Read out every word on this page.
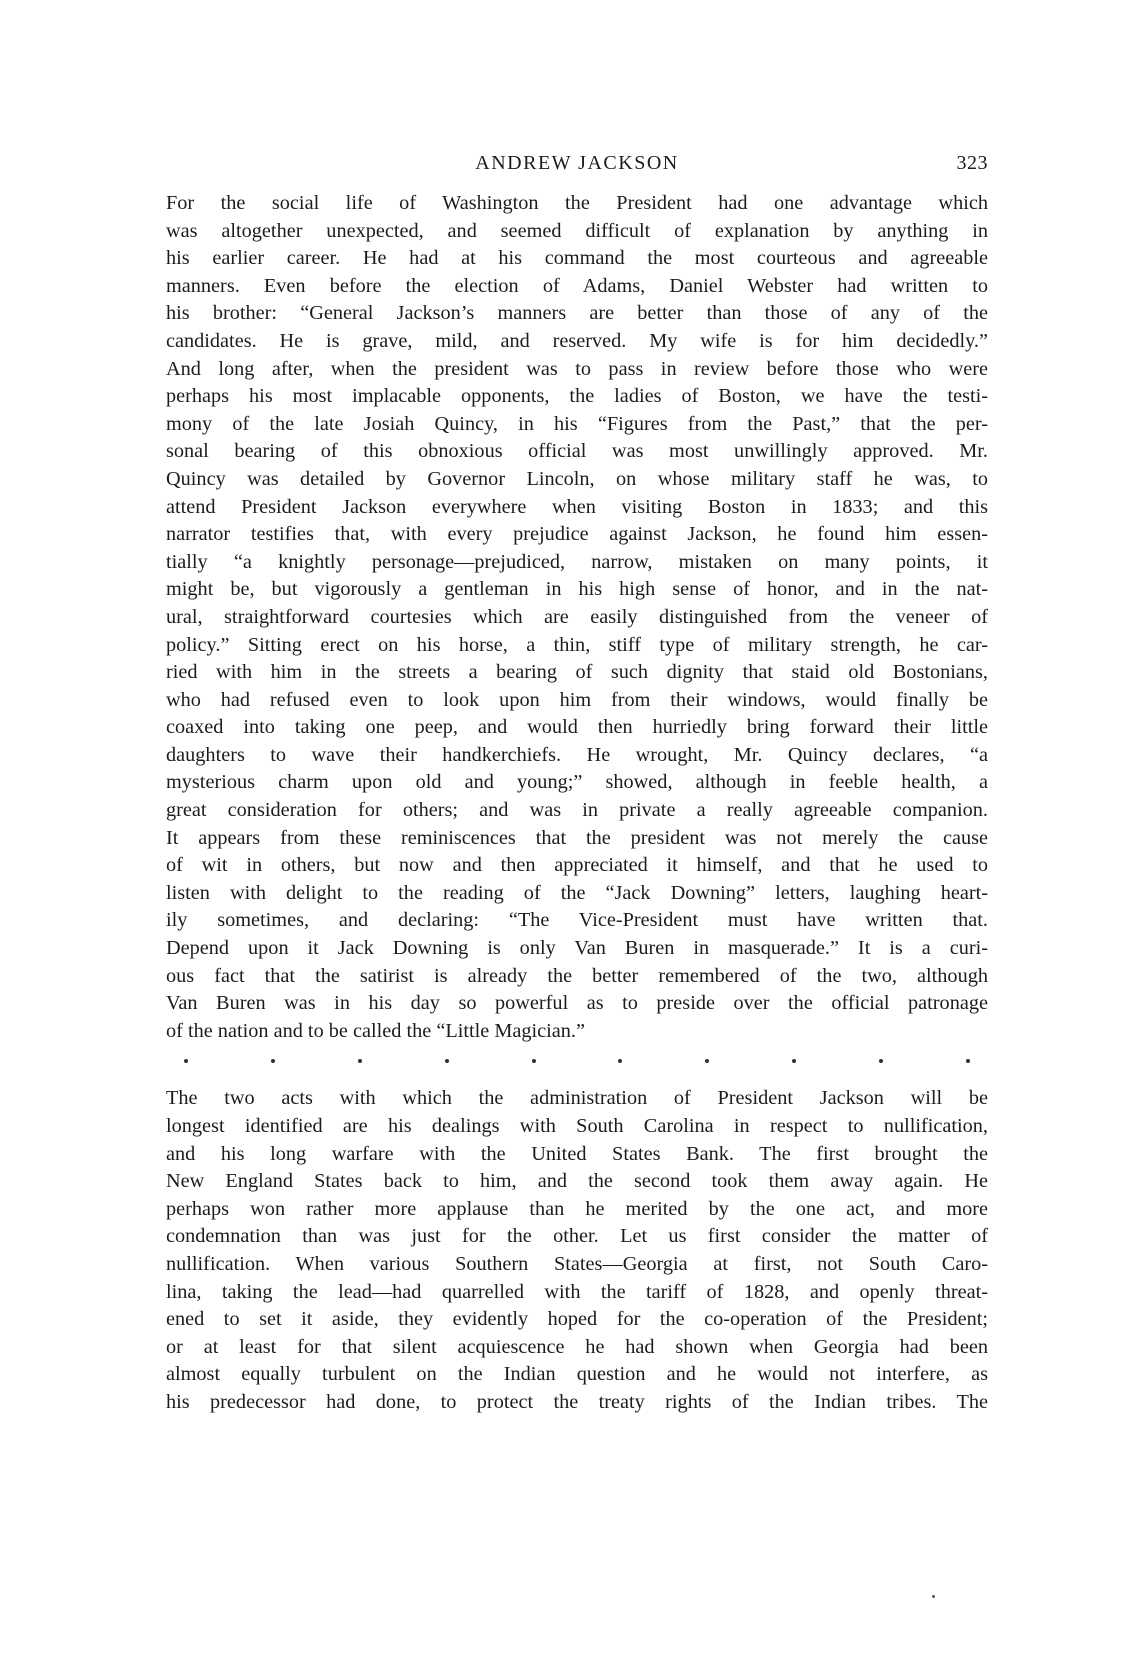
ANDREW JACKSON	323

For the social life of Washington the President had one advantage which
was altogether unexpected, and seemed difficult of explanation by anything in
his earlier career. He had at his command the most courteous and agreeable
manners. Even before the election of Adams, Daniel Webster had written to
his brother: “General Jackson’s manners are better than those of any of the
candidates. He is grave, mild, and reserved. My wife is for him decidedly.”
And long after, when the president was to pass in review before those who were
perhaps his most implacable opponents, the ladies of Boston, we have the testi-
mony of the late Josiah Quincy, in his “Figures from the Past,” that the per-
sonal bearing of this obnoxious official was most unwillingly approved. Mr.
Quincy was detailed by Governor Lincoln, on whose military staff he was, to
attend President Jackson everywhere when visiting Boston in 1833; and this
narrator testifies that, with every prejudice against Jackson, he found him essen-
tially “a knightly personage—prejudiced, narrow, mistaken on many points, it
might be, but vigorously a gentleman in his high sense of honor, and in the nat-
ural, straightforward courtesies which are easily distinguished from the veneer of
policy.” Sitting erect on his horse, a thin, stiff type of military strength, he car-
ried with him in the streets a bearing of such dignity that staid old Bostonians,
who had refused even to look upon him from their windows, would finally be
coaxed into taking one peep, and would then hurriedly bring forward their little
daughters to wave their handkerchiefs. He wrought, Mr. Quincy declares, “a
mysterious charm upon old and young;” showed, although in feeble health, a
great consideration for others; and was in private a really agreeable companion.
It appears from these reminiscences that the president was not merely the cause
of wit in others, but now and then appreciated it himself, and that he used to
listen with delight to the reading of the “Jack Downing” letters, laughing heart-
ily sometimes, and declaring: “The Vice-President must have written that.
Depend upon it Jack Downing is only Van Buren in masquerade.” It is a curi-
ous fact that the satirist is already the better remembered of the two, although
Van Buren was in his day so powerful as to preside over the official patronage
of the nation and to be called the “Little Magician.”

The two acts with which the administration of President Jackson will be
longest identified are his dealings with South Carolina in respect to nullification,
and his long warfare with the United States Bank. The first brought the
New England States back to him, and the second took them away again. He
perhaps won rather more applause than he merited by the one act, and more
condemnation than was just for the other. Let us first consider the matter of
nullification. When various Southern States—Georgia at first, not South Caro-
lina, taking the lead—had quarrelled with the tariff of 1828, and openly threat-
ened to set it aside, they evidently hoped for the co-operation of the President;
or at least for that silent acquiescence he had shown when Georgia had been
almost equally turbulent on the Indian question and he would not interfere, as
his predecessor had done, to protect the treaty rights of the Indian tribes. The
